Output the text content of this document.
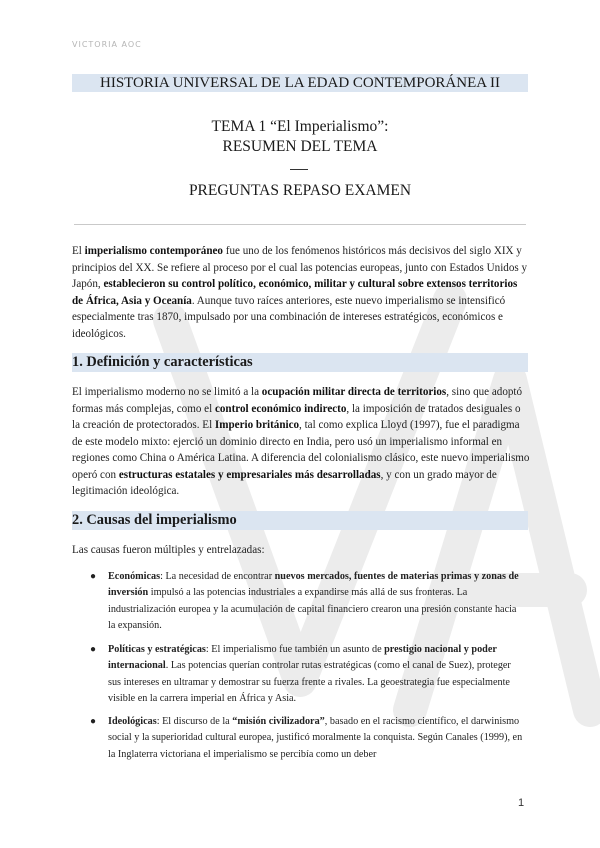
VICTORIA AOC
HISTORIA UNIVERSAL DE LA EDAD CONTEMPORÁNEA II
TEMA 1 “El Imperialismo”:
RESUMEN DEL TEMA
PREGUNTAS REPASO EXAMEN
El imperialismo contemporáneo fue uno de los fenómenos históricos más decisivos del siglo XIX y principios del XX. Se refiere al proceso por el cual las potencias europeas, junto con Estados Unidos y Japón, establecieron su control político, económico, militar y cultural sobre extensos territorios de África, Asia y Oceanía. Aunque tuvo raíces anteriores, este nuevo imperialismo se intensificó especialmente tras 1870, impulsado por una combinación de intereses estratégicos, económicos e ideológicos.
1. Definición y características
El imperialismo moderno no se limitó a la ocupación militar directa de territorios, sino que adoptó formas más complejas, como el control económico indirecto, la imposición de tratados desiguales o la creación de protectorados. El Imperio británico, tal como explica Lloyd (1997), fue el paradigma de este modelo mixto: ejerció un dominio directo en India, pero usó un imperialismo informal en regiones como China o América Latina. A diferencia del colonialismo clásico, este nuevo imperialismo operó con estructuras estatales y empresariales más desarrolladas, y con un grado mayor de legitimación ideológica.
2. Causas del imperialismo
Las causas fueron múltiples y entrelazadas:
● Económicas: La necesidad de encontrar nuevos mercados, fuentes de materias primas y zonas de inversión impulsó a las potencias industriales a expandirse más allá de sus fronteras. La industrialización europea y la acumulación de capital financiero crearon una presión constante hacia la expansión.
● Políticas y estratégicas: El imperialismo fue también un asunto de prestigio nacional y poder internacional. Las potencias querían controlar rutas estratégicas (como el canal de Suez), proteger sus intereses en ultramar y demostrar su fuerza frente a rivales. La geoestrategia fue especialmente visible en la carrera imperial en África y Asia.
● Ideológicas: El discurso de la “misión civilizadora”, basado en el racismo científico, el darwinismo social y la superioridad cultural europea, justificó moralmente la conquista. Según Canales (1999), en la Inglaterra victoriana el imperialismo se percibía como un deber
1
